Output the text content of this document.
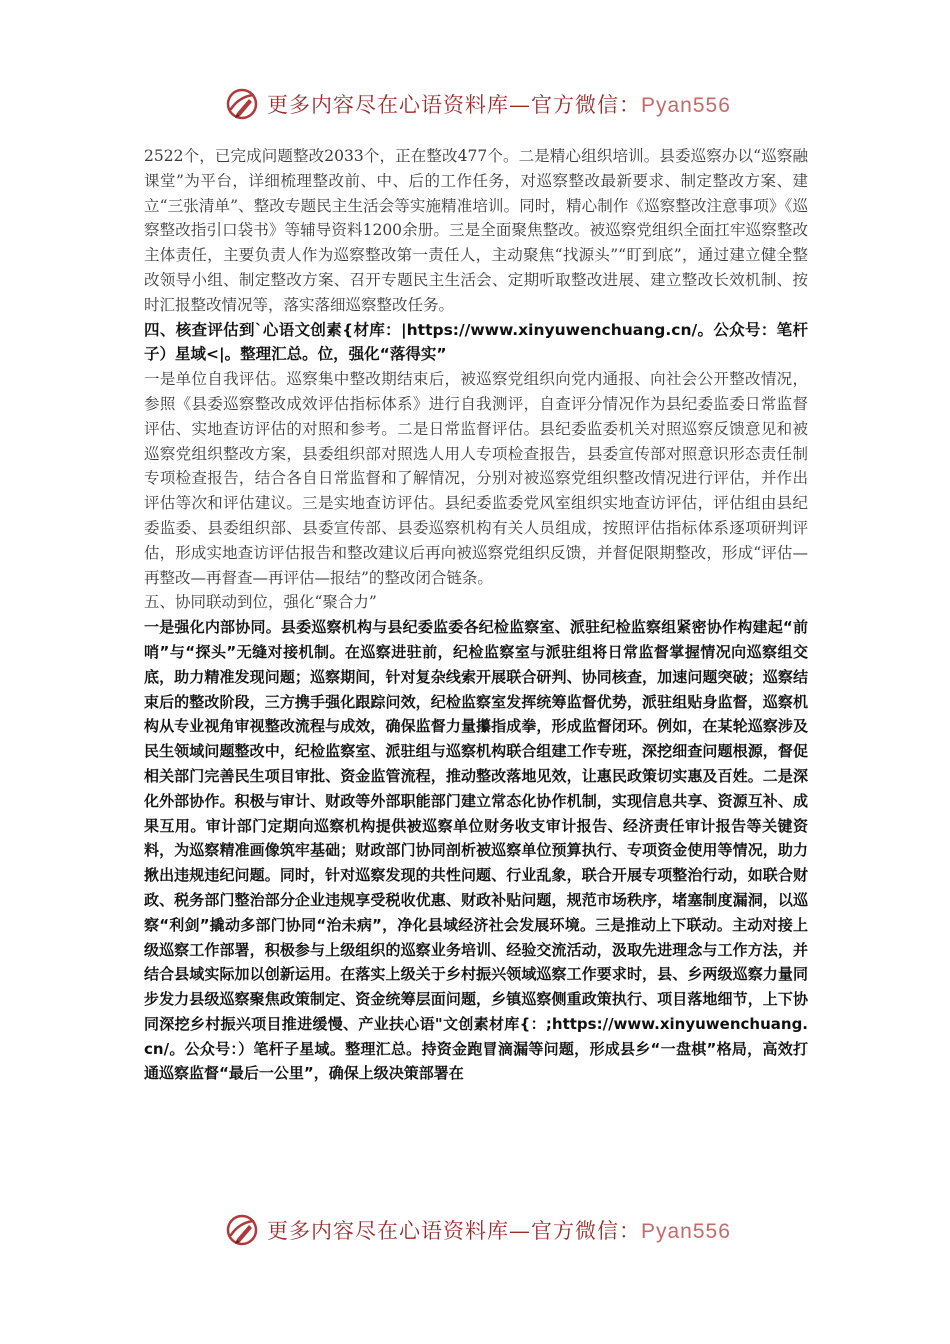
更多内容尽在心语资料库—官方微信：Pyan556

2522个，已完成问题整改2033个，正在整改477个。二是精心组织培训。县委巡察办以“巡察融课堂”为平台，详细梳理整改前、中、后的工作任务，对巡察整改最新要求、制定整改方案、建立“三张清单”、整改专题民主生活会等实施精准培训。同时，精心制作《巡察整改注意事项》《巡察整改指引口袋书》等辅导资料1200余册。三是全面聚焦整改。被巡察党组织全面扛牢巡察整改主体责任，主要负责人作为巡察整改第一责任人，主动聚焦“找源头”“盯到底”，通过建立健全整改领导小组、制定整改方案、召开专题民主生活会、定期听取整改进展、建立整改长效机制、按时汇报整改情况等，落实落细巡察整改任务。

四、核查评估到`心语文创素{材库：|https://www.xinyuwenchuang.cn/。公众号：笔杆子）星域<|。整理汇总。位，强化“落得实”

一是单位自我评估。巡察集中整改期结束后，被巡察党组织向党内通报、向社会公开整改情况，参照《县委巡察整改成效评估指标体系》进行自我测评，自查评分情况作为县纪委监委日常监督评估、实地查访评估的对照和参考。二是日常监督评估。县纪委监委机关对照巡察反馈意见和被巡察党组织整改方案，县委组织部对照选人用人专项检查报告，县委宣传部对照意识形态责任制专项检查报告，结合各自日常监督和了解情况，分别对被巡察党组织整改情况进行评估，并作出评估等次和评估建议。三是实地查访评估。县纪委监委党风室组织实地查访评估，评估组由县纪委监委、县委组织部、县委宣传部、县委巡察机构有关人员组成，按照评估指标体系逐项研判评估，形成实地查访评估报告和整改建议后再向被巡察党组织反馈，并督促限期整改，形成“评估—再整改—再督查—再评估—报结”的整改闭合链条。

五、协同联动到位，强化“聚合力”

一是强化内部协同。县委巡察机构与县纪委监委各纪检监察室、派驻纪检监察组紧密协作构建起“前哨”与“探头”无缝对接机制。在巡察进驻前，纪检监察室与派驻组将日常监督掌握情况向巡察组交底，助力精准发现问题；巡察期间，针对复杂线索开展联合研判、协同核查，加速问题突破；巡察结束后的整改阶段，三方携手强化跟踪问效，纪检监察室发挥统筹监督优势，派驻组贴身监督，巡察机构从专业视角审视整改流程与成效，确保监督力量攥指成拳，形成监督闭环。例如，在某轮巡察涉及民生领域问题整改中，纪检监察室、派驻组与巡察机构联合组建工作专班，深挖细查问题根源，督促相关部门完善民生项目审批、资金监管流程，推动整改落地见效，让惠民政策切实惠及百姓。二是深化外部协作。积极与审计、财政等外部职能部门建立常态化协作机制，实现信息共享、资源互补、成果互用。审计部门定期向巡察机构提供被巡察单位财务收支审计报告、经济责任审计报告等关键资料，为巡察精准画像筑牢基础；财政部门协同剖析被巡察单位预算执行、专项资金使用等情况，助力揪出违规违纪问题。同时，针对巡察发现的共性问题、行业乱象，联合开展专项整治行动，如联合财政、税务部门整治部分企业违规享受税收优惠、财政补贴问题，规范市场秩序，堵塞制度漏洞，以巡察“利剑”撬动多部门协同“治未病”，净化县域经济社会发展环境。三是推动上下联动。主动对接上级巡察工作部署，积极参与上级组织的巡察业务培训、经验交流活动，汲取先进理念与工作方法，并结合县域实际加以创新运用。在落实上级关于乡村振兴领域巡察工作要求时，县、乡两级巡察力量同步发力县级巡察聚焦政策制定、资金统筹层面问题，乡镇巡察侧重政策执行、项目落地细节，上下协同深挖乡村振兴项目推进缓慢、产业扶心语"文创素材库{：;https://www.xinyuwenchuang.cn/。公众号：）笔杆子星域。整理汇总。持资金跑冒滴漏等问题，形成县乡“一盘棋”格局，高效打通巡察监督“最后一公里”，确保上级决策部署在

更多内容尽在心语资料库—官方微信：Pyan556
